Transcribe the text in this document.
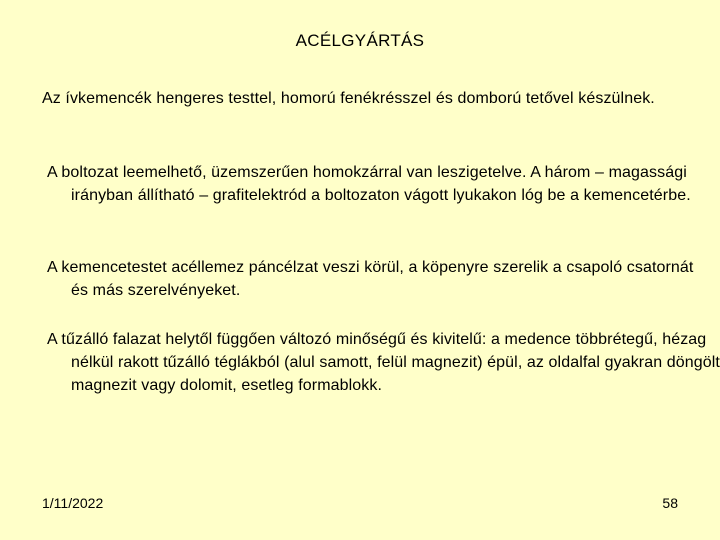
ACÉLGYÁRTÁS
Az ívkemencék hengeres testtel, homorú fenékrésszel és domború tetővel készülnek.
A boltozat leemelhető, üzemszerűen homokzárral van leszigetelve. A három – magassági irányban állítható – grafitelektród a boltozaton vágott lyukakon lóg be a kemencetérbe.
A kemencetestet acéllemez páncélzat veszi körül, a köpenyre szerelik a csapoló csatornát és más szerelvényeket.
A tűzálló falazat helytől függően változó minőségű és kivitelű: a medence többrétegű, hézag nélkül rakott tűzálló téglákból (alul samott, felül magnezit) épül, az oldalfal gyakran döngölt magnezit vagy dolomit, esetleg formablokk.
1/11/2022	58
